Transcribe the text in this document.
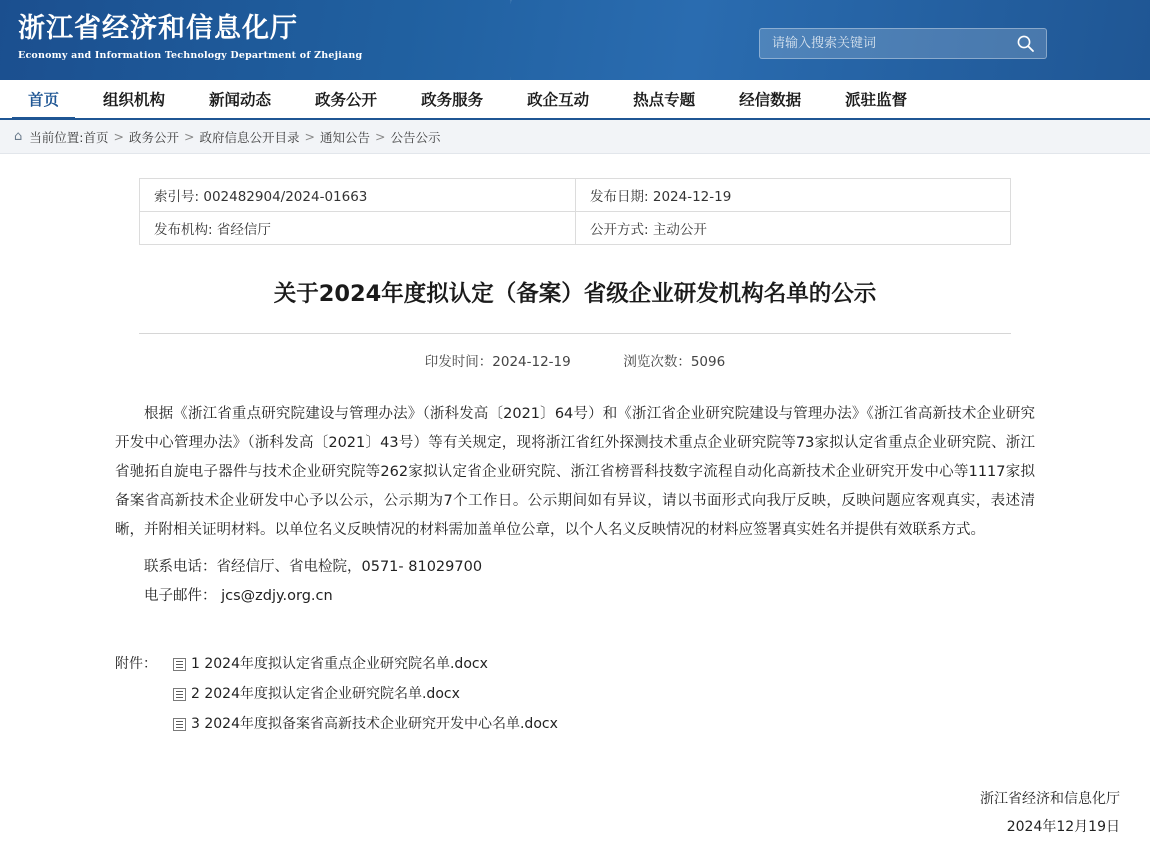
浙江省经济和信息化厅
Economy and Information Technology Department of Zhejiang
请输入搜索关键词
首页	组织机构	新闻动态	政务公开	政务服务	政企互动	热点专题	经信数据	派驻监督
⌂ 当前位置: 首页 > 政务公开 > 政府信息公开目录 > 通知公告 > 公告公示
索引号: 002482904/2024-01663	发布日期: 2024-12-19
发布机构: 省经信厅	公开方式: 主动公开
关于2024年度拟认定（备案）省级企业研发机构名单的公示
印发时间：2024-12-19	浏览次数：5096

根据《浙江省重点研究院建设与管理办法》（浙科发高〔2021〕64号）和《浙江省企业研究院建设与管理办法》《浙江省高新技术企业研究开发中心管理办法》（浙科发高〔2021〕43号）等有关规定，现将浙江省红外探测技术重点企业研究院等73家拟认定省重点企业研究院、浙江省驰拓自旋电子器件与技术企业研究院等262家拟认定省企业研究院、浙江省榜晋科技数字流程自动化高新技术企业研究开发中心等1117家拟备案省高新技术企业研发中心予以公示，公示期为7个工作日。公示期间如有异议，请以书面形式向我厅反映，反映问题应客观真实，表述清晰，并附相关证明材料。以单位名义反映情况的材料需加盖单位公章，以个人名义反映情况的材料应签署真实姓名并提供有效联系方式。

联系电话：省经信厅、省电检院，0571- 81029700

电子邮件： jcs@zdjy.org.cn

附件：	1 2024年度拟认定省重点企业研究院名单.docx
2 2024年度拟认定省企业研究院名单.docx
3 2024年度拟备案省高新技术企业研究开发中心名单.docx
浙江省经济和信息化厅
2024年12月19日
